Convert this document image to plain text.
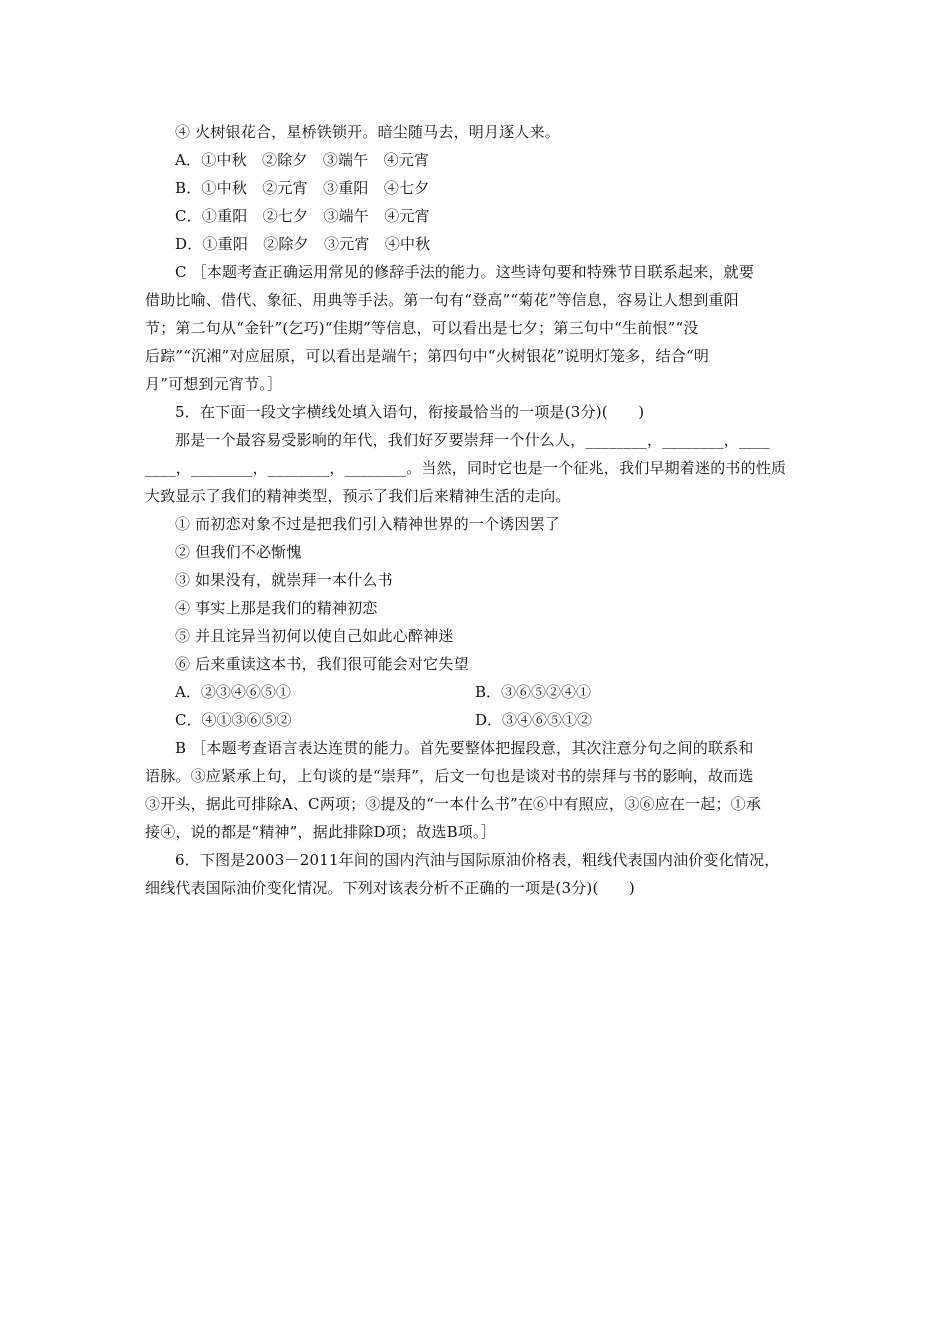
④ 火树银花合，星桥铁锁开。暗尘随马去，明月逐人来。
A．①中秋　②除夕　③端午　④元宵
B．①中秋　②元宵　③重阳　④七夕
C．①重阳　②七夕　③端午　④元宵
D．①重阳　②除夕　③元宵　④中秋
C ［本题考查正确运用常见的修辞手法的能力。这些诗句要和特殊节日联系起来，就要
借助比喻、借代、象征、用典等手法。第一句有“登高”“菊花”等信息，容易让人想到重阳
节；第二句从“金针”(乞巧)“佳期”等信息，可以看出是七夕；第三句中“生前恨”“没
后踪”“沉湘”对应屈原，可以看出是端午；第四句中“火树银花”说明灯笼多，结合“明
月”可想到元宵节。］
5．在下面一段文字横线处填入语句，衔接最恰当的一项是(3分)(　　)
那是一个最容易受影响的年代，我们好歹要崇拜一个什么人，________，________，____
____，________，________，________。当然，同时它也是一个征兆，我们早期着迷的书的性质
大致显示了我们的精神类型，预示了我们后来精神生活的走向。
① 而初恋对象不过是把我们引入精神世界的一个诱因罢了
② 但我们不必惭愧
③ 如果没有，就崇拜一本什么书
④ 事实上那是我们的精神初恋
⑤ 并且诧异当初何以使自己如此心醉神迷
⑥ 后来重读这本书，我们很可能会对它失望
A．②③④⑥⑤①	B．③⑥⑤②④①
C．④①③⑥⑤②	D．③④⑥⑤①②
B ［本题考查语言表达连贯的能力。首先要整体把握段意，其次注意分句之间的联系和
语脉。③应紧承上句，上句谈的是“崇拜”，后文一句也是谈对书的崇拜与书的影响，故而选
③开头，据此可排除A、C两项；③提及的“一本什么书”在⑥中有照应，③⑥应在一起；①承
接④，说的都是“精神”，据此排除D项；故选B项。］
6．下图是2003－2011年间的国内汽油与国际原油价格表，粗线代表国内油价变化情况，
细线代表国际油价变化情况。下列对该表分析不正确的一项是(3分)(　　)
